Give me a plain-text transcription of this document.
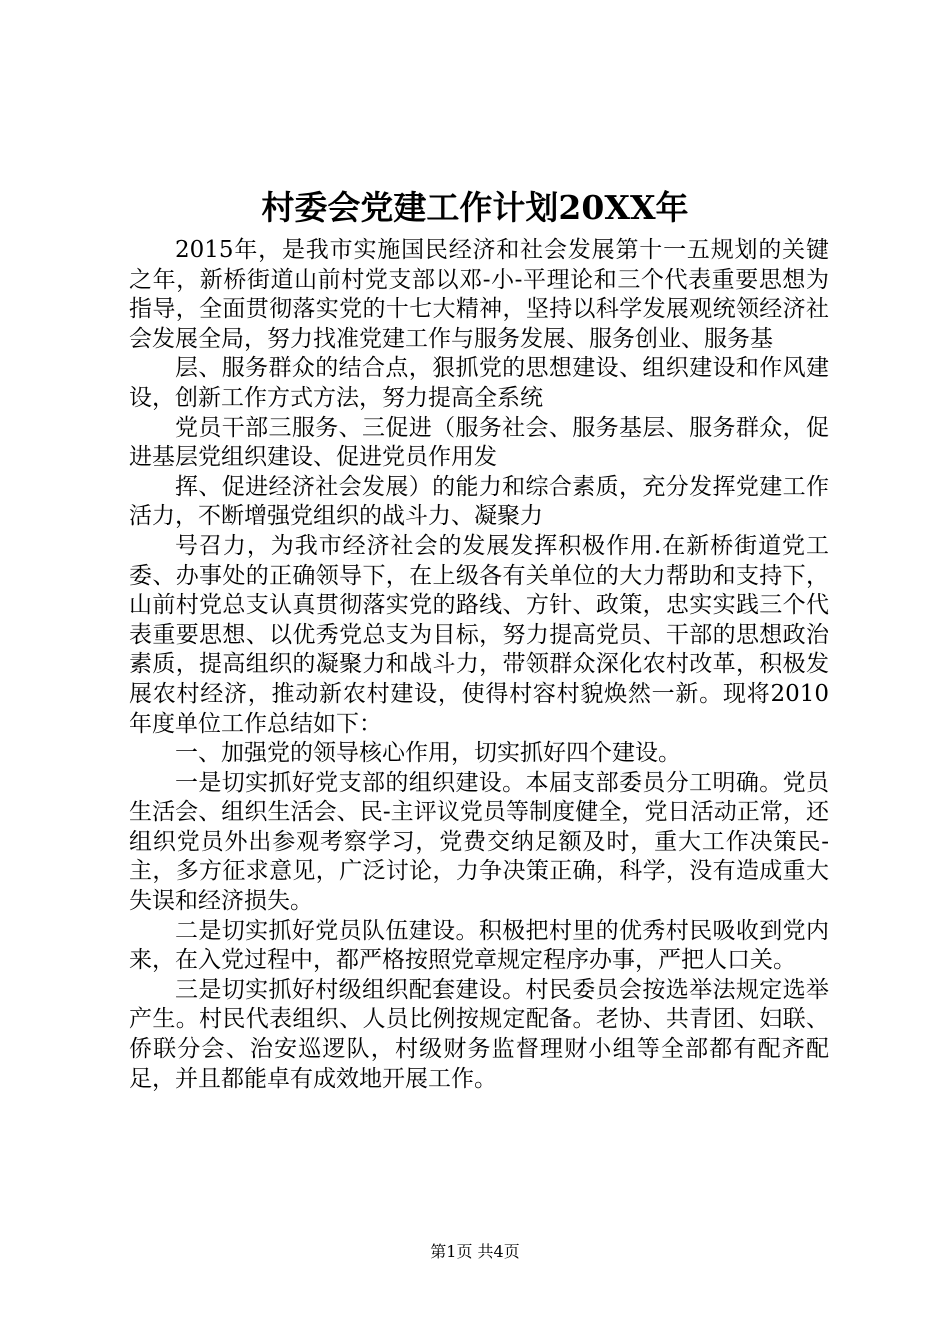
村委会党建工作计划20XX年

2015年，是我市实施国民经济和社会发展第十一五规划的关键之年，新桥街道山前村党支部以邓-小-平理论和三个代表重要思想为指导，全面贯彻落实党的十七大精神，坚持以科学发展观统领经济社会发展全局，努力找准党建工作与服务发展、服务创业、服务基

层、服务群众的结合点，狠抓党的思想建设、组织建设和作风建设，创新工作方式方法，努力提高全系统

党员干部三服务、三促进（服务社会、服务基层、服务群众，促进基层党组织建设、促进党员作用发

挥、促进经济社会发展）的能力和综合素质，充分发挥党建工作活力，不断增强党组织的战斗力、凝聚力

号召力，为我市经济社会的发展发挥积极作用.在新桥街道党工委、办事处的正确领导下，在上级各有关单位的大力帮助和支持下，山前村党总支认真贯彻落实党的路线、方针、政策，忠实实践三个代表重要思想、以优秀党总支为目标，努力提高党员、干部的思想政治素质，提高组织的凝聚力和战斗力，带领群众深化农村改革，积极发展农村经济，推动新农村建设，使得村容村貌焕然一新。现将2010年度单位工作总结如下：

一、加强党的领导核心作用，切实抓好四个建设。

一是切实抓好党支部的组织建设。本届支部委员分工明确。党员生活会、组织生活会、民-主评议党员等制度健全，党日活动正常，还组织党员外出参观考察学习，党费交纳足额及时，重大工作决策民-主，多方征求意见，广泛讨论，力争决策正确，科学，没有造成重大失误和经济损失。

二是切实抓好党员队伍建设。积极把村里的优秀村民吸收到党内来，在入党过程中，都严格按照党章规定程序办事，严把人口关。

三是切实抓好村级组织配套建设。村民委员会按选举法规定选举产生。村民代表组织、人员比例按规定配备。老协、共青团、妇联、侨联分会、治安巡逻队，村级财务监督理财小组等全部都有配齐配足，并且都能卓有成效地开展工作。

第1页 共4页
